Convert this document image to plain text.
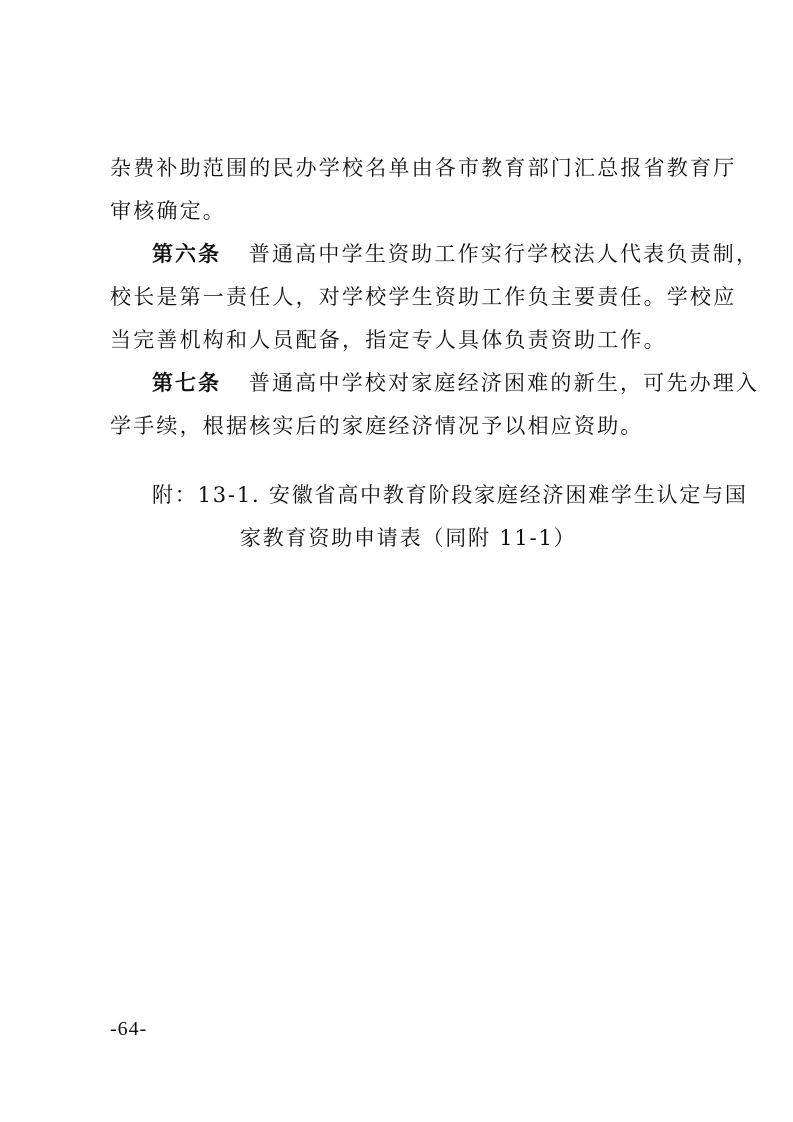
杂费补助范围的民办学校名单由各市教育部门汇总报省教育厅
审核确定。
第六条 普通高中学生资助工作实行学校法人代表负责制，
校长是第一责任人，对学校学生资助工作负主要责任。学校应
当完善机构和人员配备，指定专人具体负责资助工作。
第七条 普通高中学校对家庭经济困难的新生，可先办理入
学手续，根据核实后的家庭经济情况予以相应资助。
附：13-1. 安徽省高中教育阶段家庭经济困难学生认定与国
家教育资助申请表（同附 11-1）
-64-
